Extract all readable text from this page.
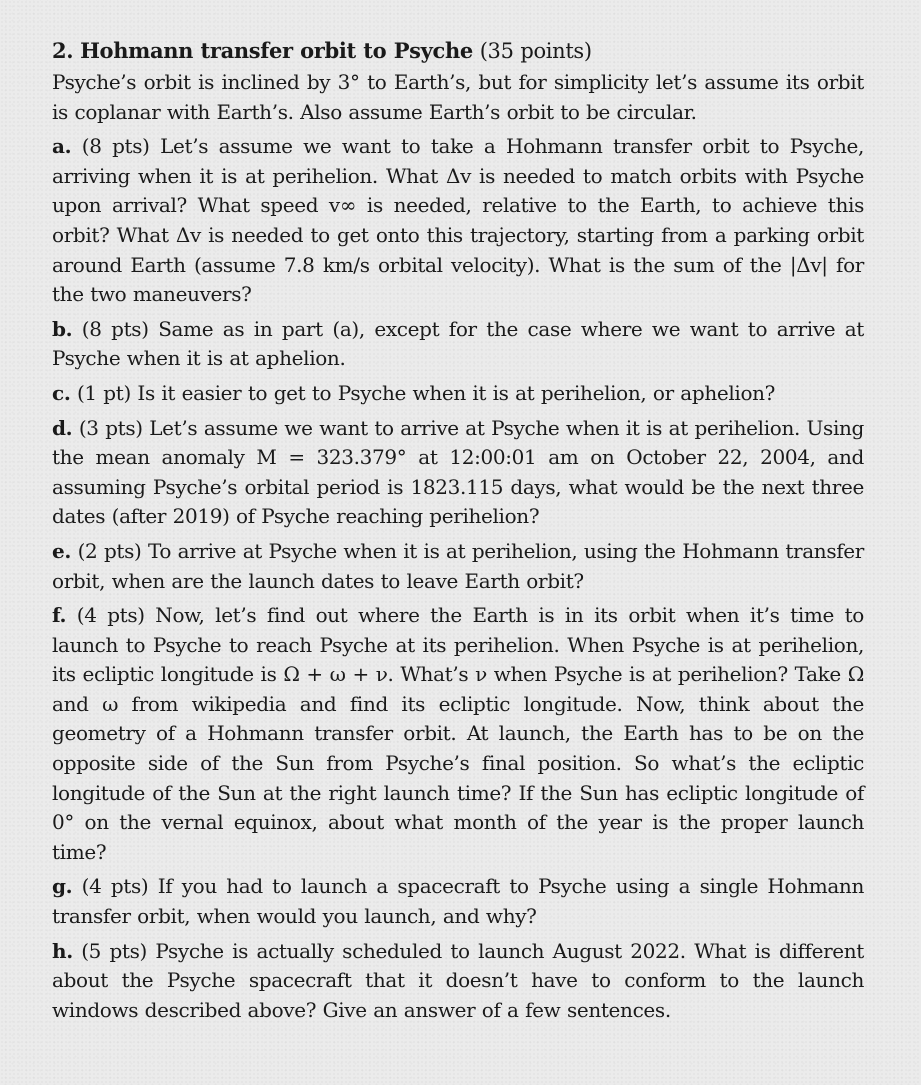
2. Hohmann transfer orbit to Psyche (35 points)

Psyche’s orbit is inclined by 3° to Earth’s, but for simplicity let’s assume its orbit is coplanar with Earth’s. Also assume Earth’s orbit to be circular.

a. (8 pts) Let’s assume we want to take a Hohmann transfer orbit to Psyche, arriving when it is at perihelion. What Δv is needed to match orbits with Psyche upon arrival? What speed v∞ is needed, relative to the Earth, to achieve this orbit? What Δv is needed to get onto this trajectory, starting from a parking orbit around Earth (assume 7.8 km/s orbital velocity). What is the sum of the |Δv| for the two maneuvers?

b. (8 pts) Same as in part (a), except for the case where we want to arrive at Psyche when it is at aphelion.

c. (1 pt) Is it easier to get to Psyche when it is at perihelion, or aphelion?

d. (3 pts) Let’s assume we want to arrive at Psyche when it is at perihelion. Using the mean anomaly M = 323.379° at 12:00:01 am on October 22, 2004, and assuming Psyche’s orbital period is 1823.115 days, what would be the next three dates (after 2019) of Psyche reaching perihelion?

e. (2 pts) To arrive at Psyche when it is at perihelion, using the Hohmann transfer orbit, when are the launch dates to leave Earth orbit?

f. (4 pts) Now, let’s find out where the Earth is in its orbit when it’s time to launch to Psyche to reach Psyche at its perihelion. When Psyche is at perihelion, its ecliptic longitude is Ω + ω + ν. What’s ν when Psyche is at perihelion? Take Ω and ω from wikipedia and find its ecliptic longitude. Now, think about the geometry of a Hohmann transfer orbit. At launch, the Earth has to be on the opposite side of the Sun from Psyche’s final position. So what’s the ecliptic longitude of the Sun at the right launch time? If the Sun has ecliptic longitude of 0° on the vernal equinox, about what month of the year is the proper launch time?

g. (4 pts) If you had to launch a spacecraft to Psyche using a single Hohmann transfer orbit, when would you launch, and why?

h. (5 pts) Psyche is actually scheduled to launch August 2022. What is different about the Psyche spacecraft that it doesn’t have to conform to the launch windows described above? Give an answer of a few sentences.
